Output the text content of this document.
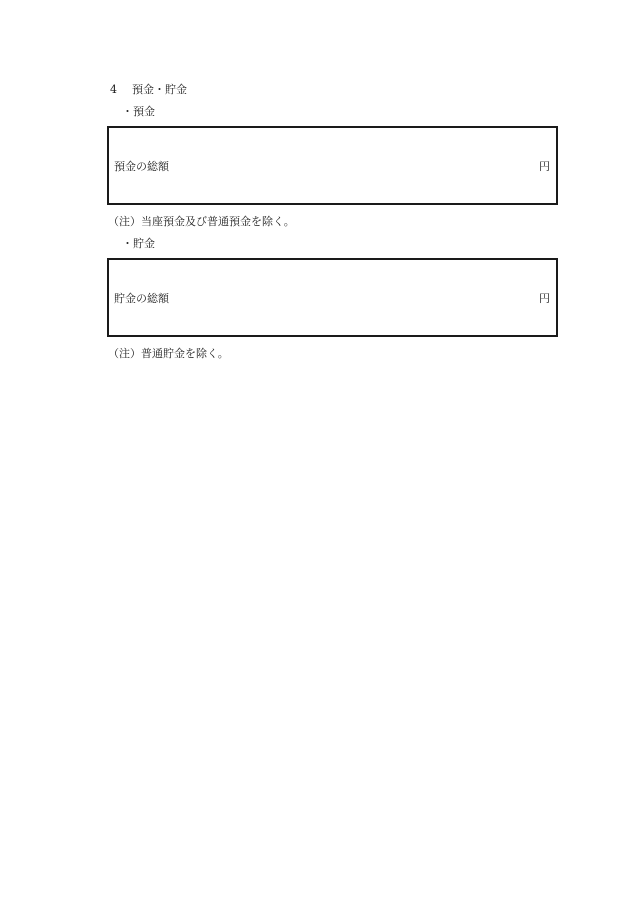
4 預金・貯金
・預金
預金の総額	円
（注）当座預金及び普通預金を除く。
・貯金
貯金の総額	円
（注）普通貯金を除く。
